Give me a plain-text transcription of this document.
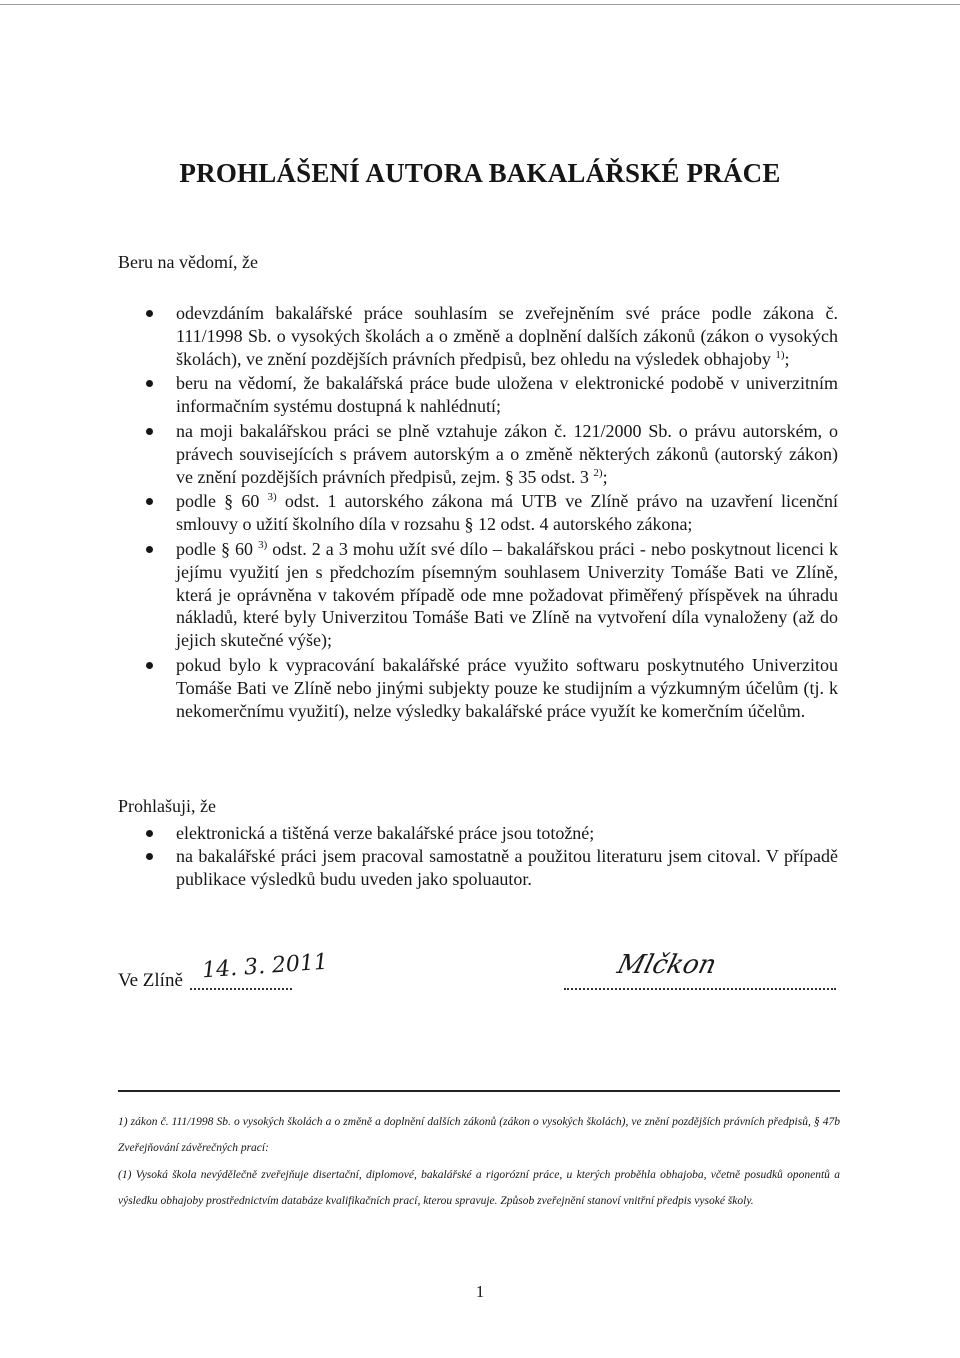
PROHLÁŠENÍ AUTORA BAKALÁŘSKÉ PRÁCE

Beru na vědomí, že

odevzdáním bakalářské práce souhlasím se zveřejněním své práce podle zákona č. 111/1998 Sb. o vysokých školách a o změně a doplnění dalších zákonů (zákon o vysokých školách), ve znění pozdějších právních předpisů, bez ohledu na výsledek obhajoby $^{1)}$;
beru na vědomí, že bakalářská práce bude uložena v elektronické podobě v univerzitním informačním systému dostupná k nahlédnutí;
na moji bakalářskou práci se plně vztahuje zákon č. 121/2000 Sb. o právu autorském, o právech souvisejících s právem autorským a o změně některých zákonů (autorský zákon) ve znění pozdějších právních předpisů, zejm. § 35 odst. 3 $^{2)}$;
podle § 60 $^{3)}$ odst. 1 autorského zákona má UTB ve Zlíně právo na uzavření licenční smlouvy o užití školního díla v rozsahu § 12 odst. 4 autorského zákona;
podle § 60 $^{3)}$ odst. 2 a 3 mohu užít své dílo – bakalářskou práci - nebo poskytnout licenci k jejímu využití jen s předchozím písemným souhlasem Univerzity Tomáše Bati ve Zlíně, která je oprávněna v takovém případě ode mne požadovat přiměřený příspěvek na úhradu nákladů, které byly Univerzitou Tomáše Bati ve Zlíně na vytvoření díla vynaloženy (až do jejich skutečné výše);
pokud bylo k vypracování bakalářské práce využito softwaru poskytnutého Univerzitou Tomáše Bati ve Zlíně nebo jinými subjekty pouze ke studijním a výzkumným účelům (tj. k nekomerčnímu využití), nelze výsledky bakalářské práce využít ke komerčním účelům.

Prohlašuji, že

elektronická a tištěná verze bakalářské práce jsou totožné;
na bakalářské práci jsem pracoval samostatně a použitou literaturu jsem citoval. V případě publikace výsledků budu uveden jako spoluautor.
Ve Zlíně 14. 3. 2011	Mlčkon

1) zákon č. 111/1998 Sb. o vysokých školách a o změně a doplnění dalších zákonů (zákon o vysokých školách), ve znění pozdějších právních předpisů, § 47b Zveřejňování závěrečných prací:

(1) Vysoká škola nevýdělečně zveřejňuje disertační, diplomové, bakalářské a rigorózní práce, u kterých proběhla obhajoba, včetně posudků oponentů a výsledku obhajoby prostřednictvím databáze kvalifikačních prací, kterou spravuje. Způsob zveřejnění stanoví vnitřní předpis vysoké školy.

1
